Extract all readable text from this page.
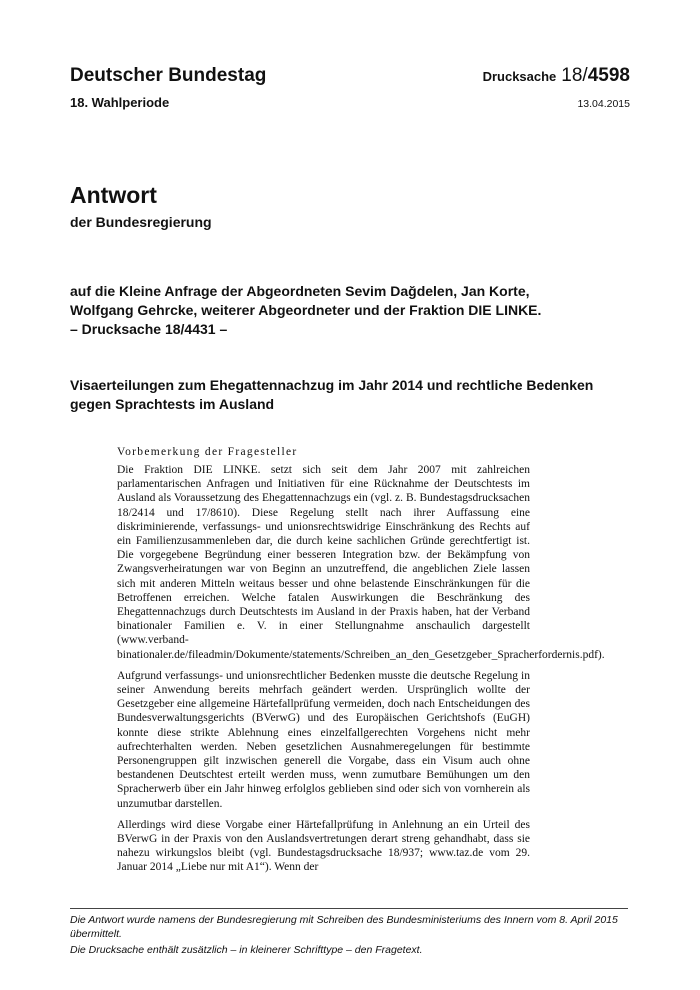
Deutscher Bundestag
18. Wahlperiode
Drucksache 18/4598
13.04.2015
Antwort
der Bundesregierung
auf die Kleine Anfrage der Abgeordneten Sevim Dağdelen, Jan Korte,
Wolfgang Gehrcke, weiterer Abgeordneter und der Fraktion DIE LINKE.
– Drucksache 18/4431 –
Visaerteilungen zum Ehegattennachzug im Jahr 2014 und rechtliche Bedenken
gegen Sprachtests im Ausland
Vorbemerkung der Fragesteller

Die Fraktion DIE LINKE. setzt sich seit dem Jahr 2007 mit zahlreichen parlamentarischen Anfragen und Initiativen für eine Rücknahme der Deutschtests im Ausland als Voraussetzung des Ehegattennachzugs ein (vgl. z. B. Bundestagsdrucksachen 18/2414 und 17/8610). Diese Regelung stellt nach ihrer Auffassung eine diskriminierende, verfassungs- und unionsrechtswidrige Einschränkung des Rechts auf ein Familienzusammenleben dar, die durch keine sachlichen Gründe gerechtfertigt ist. Die vorgegebene Begründung einer besseren Integration bzw. der Bekämpfung von Zwangsverheiratungen war von Beginn an unzutreffend, die angeblichen Ziele lassen sich mit anderen Mitteln weitaus besser und ohne belastende Einschränkungen für die Betroffenen erreichen. Welche fatalen Auswirkungen die Beschränkung des Ehegattennachzugs durch Deutschtests im Ausland in der Praxis haben, hat der Verband binationaler Familien e. V. in einer Stellungnahme anschaulich dargestellt (www.verband-binationaler.de/fileadmin/Dokumente/statements/Schreiben_an_den_Gesetzgeber_Spracherfordernis.pdf).

Aufgrund verfassungs- und unionsrechtlicher Bedenken musste die deutsche Regelung in seiner Anwendung bereits mehrfach geändert werden. Ursprünglich wollte der Gesetzgeber eine allgemeine Härtefallprüfung vermeiden, doch nach Entscheidungen des Bundesverwaltungsgerichts (BVerwG) und des Europäischen Gerichtshofs (EuGH) konnte diese strikte Ablehnung eines einzelfallgerechten Vorgehens nicht mehr aufrechterhalten werden. Neben gesetzlichen Ausnahmeregelungen für bestimmte Personengruppen gilt inzwischen generell die Vorgabe, dass ein Visum auch ohne bestandenen Deutschtest erteilt werden muss, wenn zumutbare Bemühungen um den Spracherwerb über ein Jahr hinweg erfolglos geblieben sind oder sich von vornherein als unzumutbar darstellen.

Allerdings wird diese Vorgabe einer Härtefallprüfung in Anlehnung an ein Urteil des BVerwG in der Praxis von den Auslandsvertretungen derart streng gehandhabt, dass sie nahezu wirkungslos bleibt (vgl. Bundestagsdrucksache 18/937; www.taz.de vom 29. Januar 2014 „Liebe nur mit A1“). Wenn der

Die Antwort wurde namens der Bundesregierung mit Schreiben des Bundesministeriums des Innern vom 8. April 2015 übermittelt.

Die Drucksache enthält zusätzlich – in kleinerer Schrifttype – den Fragetext.
